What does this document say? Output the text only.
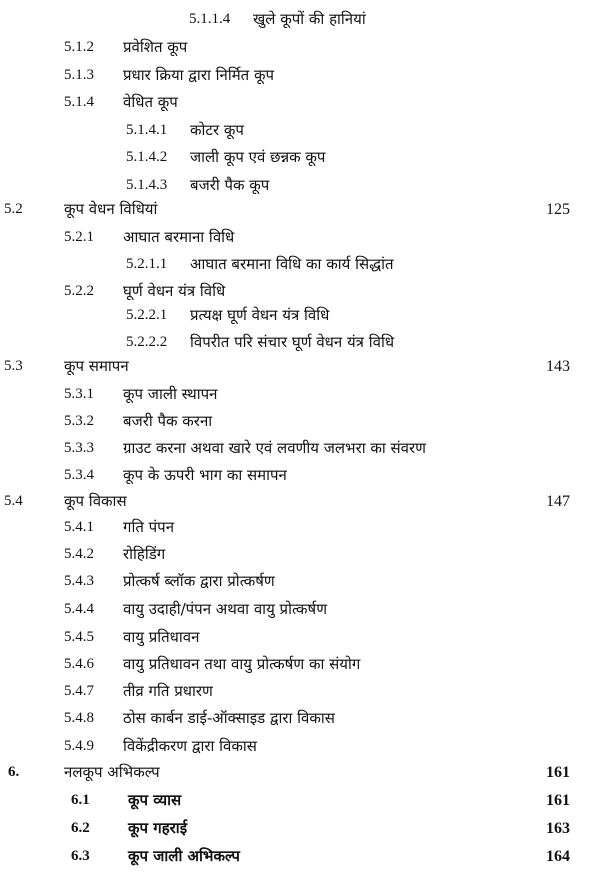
5.1.1.4 खुले कूपों की हानियां
5.1.2 प्रवेशित कूप
5.1.3 प्रधार क्रिया द्वारा निर्मित कूप
5.1.4 वेधित कूप
5.1.4.1 कोटर कूप
5.1.4.2 जाली कूप एवं छन्नक कूप
5.1.4.3 बजरी पैक कूप
5.2	कूप वेधन विधियां	125
5.2.1 आघात बरमाना विधि
5.2.1.1 आघात बरमाना विधि का कार्य सिद्धांत
5.2.2 घूर्ण वेधन यंत्र विधि
5.2.2.1 प्रत्यक्ष घूर्ण वेधन यंत्र विधि
5.2.2.2 विपरीत परि संचार घूर्ण वेधन यंत्र विधि
5.3	कूप समापन	143
5.3.1 कूप जाली स्थापन
5.3.2 बजरी पैक करना
5.3.3 ग्राउट करना अथवा खारे एवं लवणीय जलभरा का संवरण
5.3.4 कूप के ऊपरी भाग का समापन
5.4	कूप विकास	147
5.4.1 गति पंपन
5.4.2 रोहिडिंग
5.4.3 प्रोत्कर्ष ब्लॉक द्वारा प्रोत्कर्षण
5.4.4 वायु उदाही/पंपन अथवा वायु प्रोत्कर्षण
5.4.5 वायु प्रतिधावन
5.4.6 वायु प्रतिधावन तथा वायु प्रोत्कर्षण का संयोग
5.4.7 तीव्र गति प्रधारण
5.4.8 ठोस कार्बन डाई-ऑक्साइड द्वारा विकास
5.4.9 विकेंद्रीकरण द्वारा विकास
6.	नलकूप अभिकल्प	161
6.1	कूप व्यास	161
6.2	कूप गहराई	163
6.3	कूप जाली अभिकल्प	164
